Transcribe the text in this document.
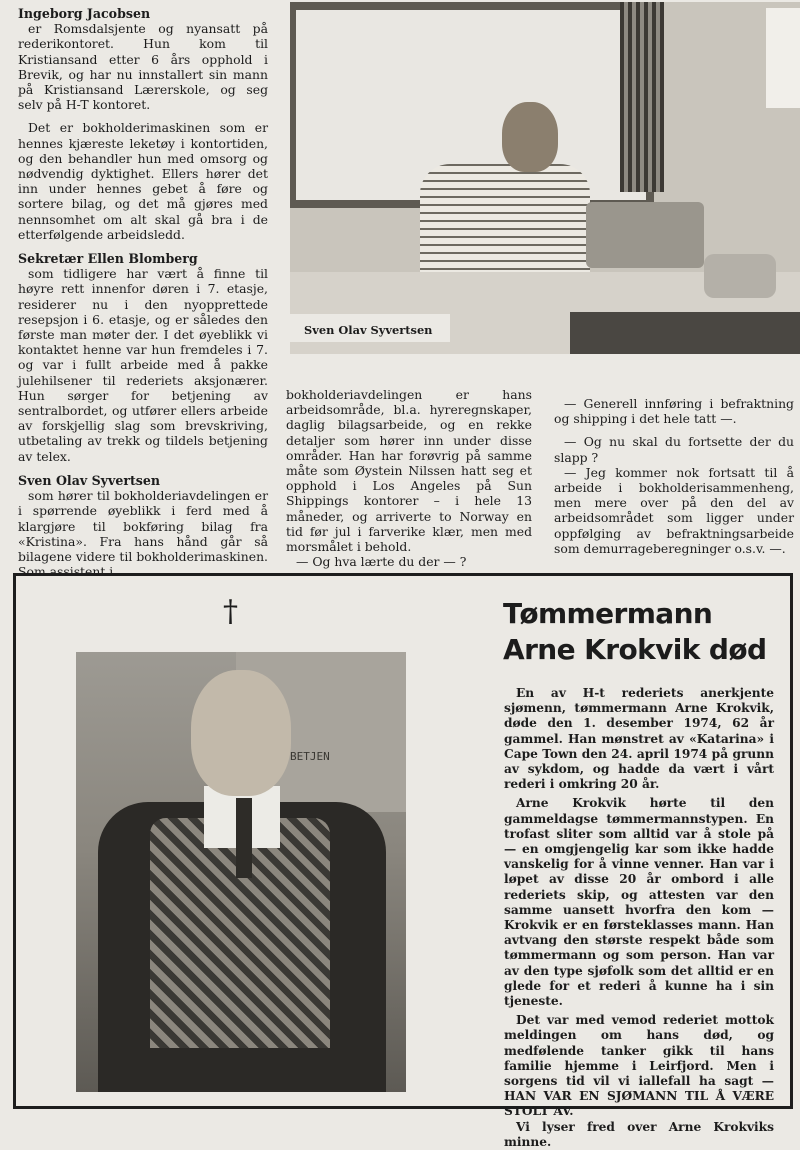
Ingeborg Jacobsen

er Romsdalsjente og nyansatt på rederikontoret. Hun kom til Kristiansand etter 6 års opphold i Brevik, og har nu innstallert sin mann på Kristiansand Lærerskole, og seg selv på H-T kontoret.

Det er bokholderimaskinen som er hennes kjæreste leketøy i kontortiden, og den behandler hun med omsorg og nødvendig dyktighet. Ellers hører det inn under hennes gebet å føre og sortere bilag, og det må gjøres med nennsomhet om alt skal gå bra i de etterfølgende arbeidsledd.

Sekretær Ellen Blomberg

som tidligere har vært å finne til høyre rett innenfor døren i 7. etasje, residerer nu i den nyopprettede resepsjon i 6. etasje, og er således den første man møter der. I det øyeblikk vi kontaktet henne var hun fremdeles i 7. og var i fullt arbeide med å pakke julehilsener til rederiets aksjonærer. Hun sørger for betjening av sentralbordet, og utfører ellers arbeide av forskjellig slag som brevskriving, utbetaling av trekk og tildels betjening av telex.

Sven Olav Syvertsen

som hører til bokholderiavdelingen er i spørrende øyeblikk i ferd med å klargjøre til bokføring bilag fra «Kristina». Fra hans hånd går så bilagene videre til bokholderimaskinen. Som assistent i

Sven Olav Syvertsen

bokholderiavdelingen er hans arbeidsområde, bl.a. hyreregnskaper, daglig bilagsarbeide, og en rekke detaljer som hører inn under disse områder. Han har forøvrig på samme måte som Øystein Nilssen hatt seg et opphold i Los Angeles på Sun Shippings kontorer – i hele 13 måneder, og arriverte to Norway en tid før jul i farverike klær, men med morsmålet i behold.

— Og hva lærte du der — ?

— Generell innføring i befraktning og shipping i det hele tatt —.

— Og nu skal du fortsette der du slapp ?

— Jeg kommer nok fortsatt til å arbeide i bokholderisammenheng, men mere over på den del av arbeidsområdet som ligger under oppfølging av befraktningsarbeide som demurrageberegninger o.s.v. —.

†
BETJEN
Tømmermann
Arne Krokvik død

En av H-t rederiets anerkjente sjømenn, tømmermann Arne Krokvik, døde den 1. desember 1974, 62 år gammel. Han mønstret av «Katarina» i Cape Town den 24. april 1974 på grunn av sykdom, og hadde da vært i vårt rederi i omkring 20 år.

Arne Krokvik hørte til den gammeldagse tømmermannstypen. En trofast sliter som alltid var å stole på — en omgjengelig kar som ikke hadde vanskelig for å vinne venner. Han var i løpet av disse 20 år ombord i alle rederiets skip, og attesten var den samme uansett hvorfra den kom — Krokvik er en førsteklasses mann. Han avtvang den største respekt både som tømmermann og som person. Han var av den type sjøfolk som det alltid er en glede for et rederi å kunne ha i sin tjeneste.

Det var med vemod rederiet mottok meldingen om hans død, og medfølende tanker gikk til hans familie hjemme i Leirfjord. Men i sorgens tid vil vi iallefall ha sagt — HAN VAR EN SJØMANN TIL Å VÆRE STOLT AV.

Vi lyser fred over Arne Krokviks minne.
